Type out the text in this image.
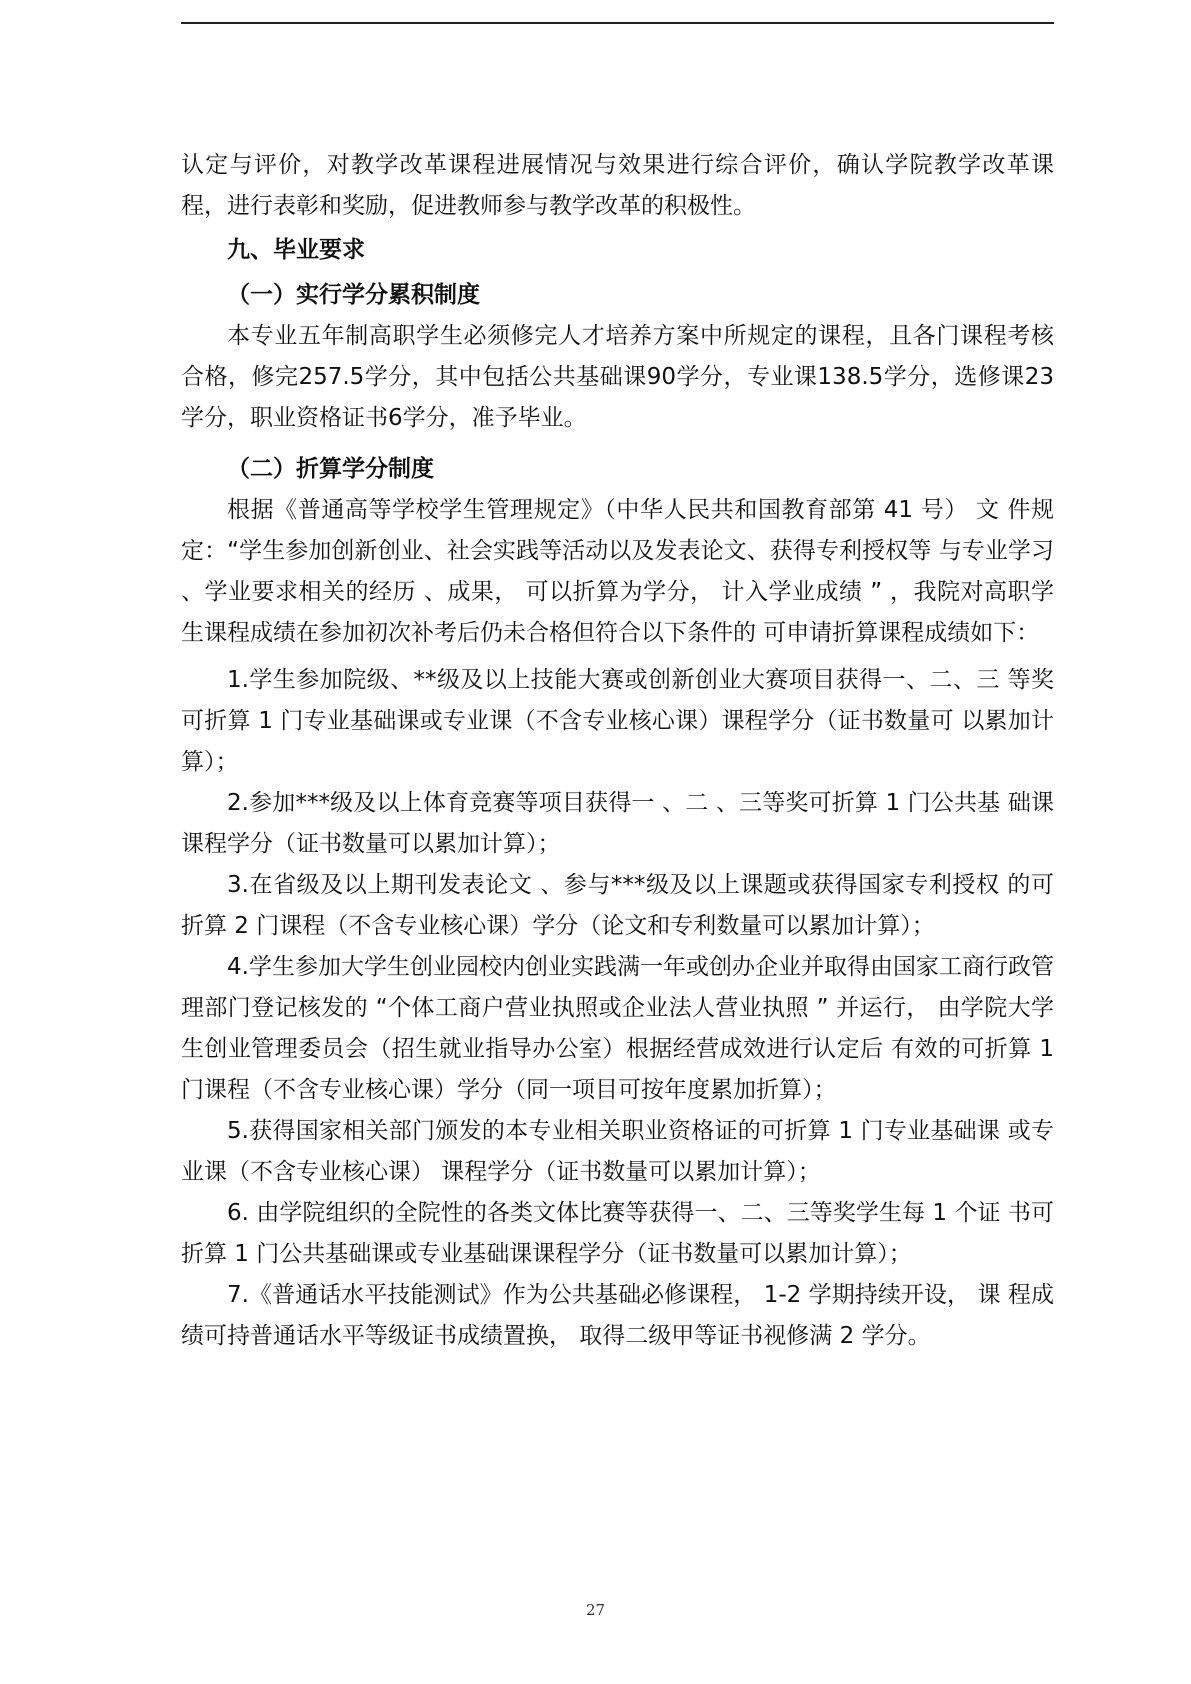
认定与评价，对教学改革课程进展情况与效果进行综合评价，确认学院教学改革课程，进行表彰和奖励，促进教师参与教学改革的积极性。

九、毕业要求

（一）实行学分累积制度

本专业五年制高职学生必须修完人才培养方案中所规定的课程，且各门课程考核合格，修完257.5学分，其中包括公共基础课90学分，专业课138.5学分，选修课23学分，职业资格证书6学分，准予毕业。

（二）折算学分制度

根据《普通高等学校学生管理规定》（中华人民共和国教育部第 41 号） 文 件规定：“学生参加创新创业、社会实践等活动以及发表论文、获得专利授权等 与专业学习 、学业要求相关的经历 、成果， 可以折算为学分， 计入学业成绩 ” ，我院对高职学生课程成绩在参加初次补考后仍未合格但符合以下条件的 可申请折算课程成绩如下：

1.学生参加院级、**级及以上技能大赛或创新创业大赛项目获得一、二、三 等奖可折算 1 门专业基础课或专业课（不含专业核心课）课程学分（证书数量可 以累加计算）；

2.参加***级及以上体育竞赛等项目获得一 、二 、三等奖可折算 1 门公共基 础课课程学分（证书数量可以累加计算）；

3.在省级及以上期刊发表论文 、参与***级及以上课题或获得国家专利授权 的可折算 2 门课程（不含专业核心课）学分（论文和专利数量可以累加计算）；

4.学生参加大学生创业园校内创业实践满一年或创办企业并取得由国家工商行政管理部门登记核发的 “个体工商户营业执照或企业法人营业执照 ” 并运行， 由学院大学生创业管理委员会（招生就业指导办公室）根据经营成效进行认定后 有效的可折算 1 门课程（不含专业核心课）学分（同一项目可按年度累加折算）；

5.获得国家相关部门颁发的本专业相关职业资格证的可折算 1 门专业基础课 或专业课（不含专业核心课） 课程学分（证书数量可以累加计算）；

6. 由学院组织的全院性的各类文体比赛等获得一、二、三等奖学生每 1 个证 书可折算 1 门公共基础课或专业基础课课程学分（证书数量可以累加计算）；

7.《普通话水平技能测试》作为公共基础必修课程， 1-2 学期持续开设， 课 程成绩可持普通话水平等级证书成绩置换， 取得二级甲等证书视修满 2 学分。

27
